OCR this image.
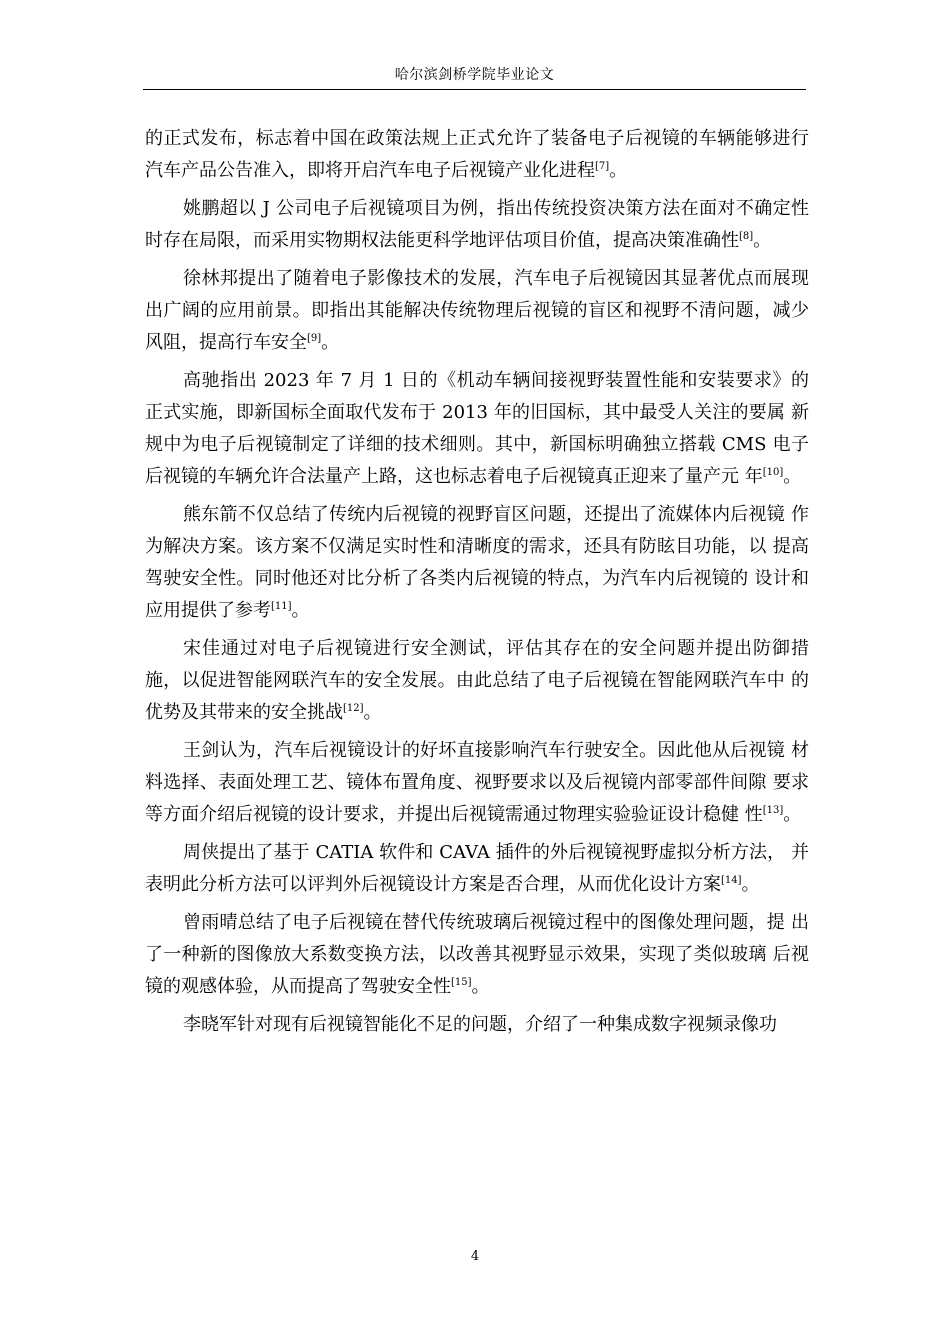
哈尔滨剑桥学院毕业论文

的正式发布，标志着中国在政策法规上正式允许了装备电子后视镜的车辆能够进行汽车产品公告准入，即将开启汽车电子后视镜产业化进程[7]。

姚鹏超以 J 公司电子后视镜项目为例，指出传统投资决策方法在面对不确定性时存在局限，而采用实物期权法能更科学地评估项目价值，提高决策准确性[8]。

徐林邦提出了随着电子影像技术的发展，汽车电子后视镜因其显著优点而展现出广阔的应用前景。即指出其能解决传统物理后视镜的盲区和视野不清问题，减少风阻，提高行车安全[9]。

高驰指出 2023 年 7 月 1 日的《机动车辆间接视野装置性能和安装要求》的 正式实施，即新国标全面取代发布于 2013 年的旧国标，其中最受人关注的要属 新规中为电子后视镜制定了详细的技术细则。其中，新国标明确独立搭载 CMS 电子后视镜的车辆允许合法量产上路，这也标志着电子后视镜真正迎来了量产元 年[10]。

熊东箭不仅总结了传统内后视镜的视野盲区问题，还提出了流媒体内后视镜 作为解决方案。该方案不仅满足实时性和清晰度的需求，还具有防眩目功能，以 提高驾驶安全性。同时他还对比分析了各类内后视镜的特点，为汽车内后视镜的 设计和应用提供了参考[11]。

宋佳通过对电子后视镜进行安全测试，评估其存在的安全问题并提出防御措 施，以促进智能网联汽车的安全发展。由此总结了电子后视镜在智能网联汽车中 的优势及其带来的安全挑战[12]。

王剑认为，汽车后视镜设计的好坏直接影响汽车行驶安全。因此他从后视镜 材料选择、表面处理工艺、镜体布置角度、视野要求以及后视镜内部零部件间隙 要求等方面介绍后视镜的设计要求，并提出后视镜需通过物理实验验证设计稳健 性[13]。

周侠提出了基于 CATIA 软件和 CAVA 插件的外后视镜视野虚拟分析方法， 并表明此分析方法可以评判外后视镜设计方案是否合理，从而优化设计方案[14]。

曾雨晴总结了电子后视镜在替代传统玻璃后视镜过程中的图像处理问题，提 出了一种新的图像放大系数变换方法，以改善其视野显示效果，实现了类似玻璃 后视镜的观感体验，从而提高了驾驶安全性[15]。

李晓军针对现有后视镜智能化不足的问题，介绍了一种集成数字视频录像功

4
